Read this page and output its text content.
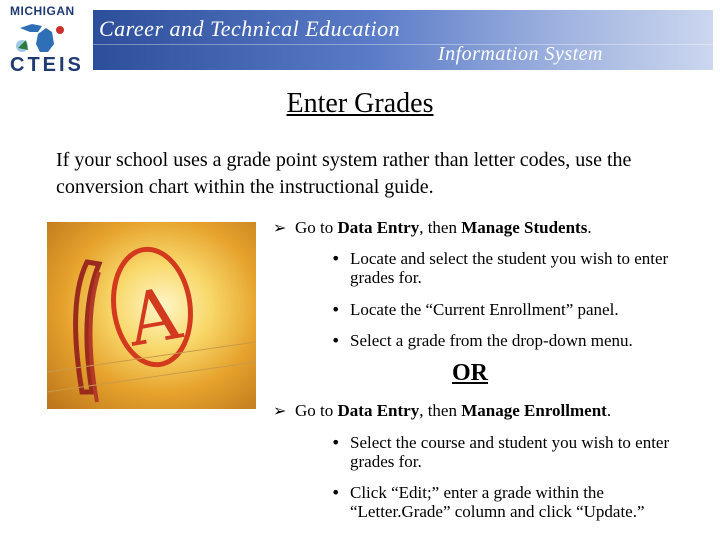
MICHIGAN
CTEIS
Career and Technical Education
Information System
Enter Grades
If your school uses a grade point system rather than letter codes, use the conversion chart within the instructional guide.
A
➢ Go to Data Entry, then Manage Students.
• Locate and select the student you wish to enter grades for.
• Locate the “Current Enrollment” panel.
• Select a grade from the drop-down menu.
OR
➢ Go to Data Entry, then Manage Enrollment.
• Select the course and student you wish to enter grades for.
• Click “Edit;” enter a grade within the “Letter.Grade” column and click “Update.”
